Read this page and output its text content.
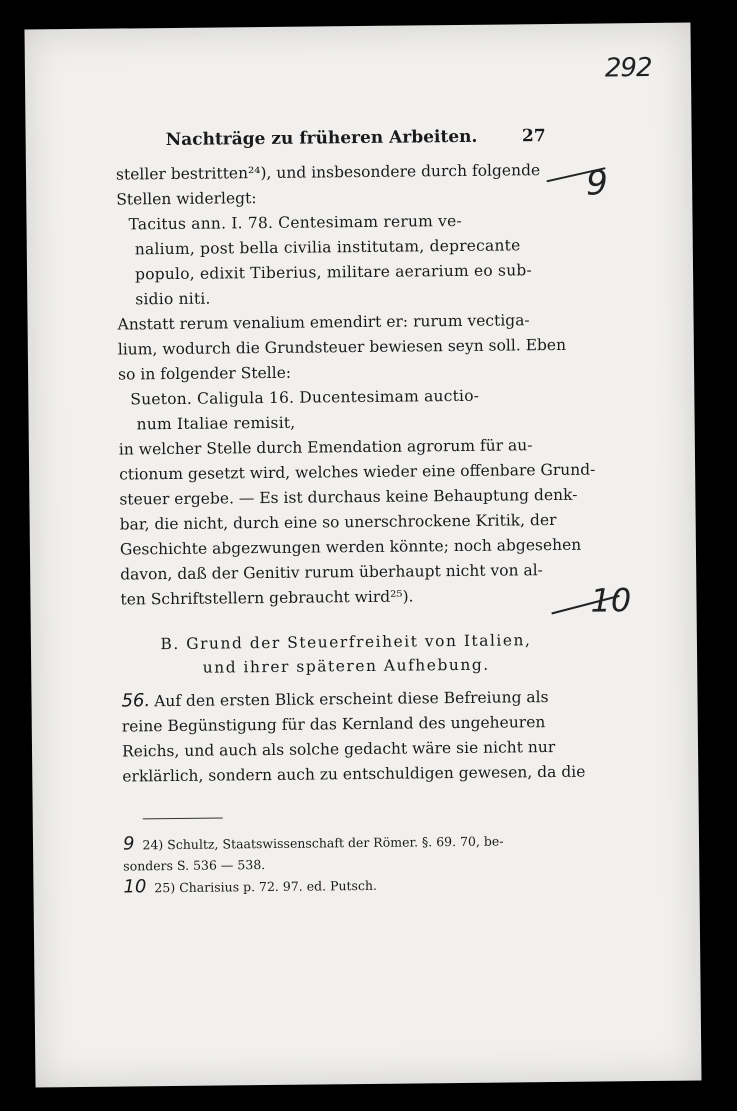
292
9
10
Nachträge zu früheren Arbeiten.	27
steller bestritten²⁴), und insbesondere durch folgende
Stellen widerlegt:
Tacitus ann. I. 78. Centesimam rerum ve-
nalium, post bella civilia institutam, deprecante
populo, edixit Tiberius, militare aerarium eo sub-
sidio niti.
Anstatt rerum venalium emendirt er: rurum vectiga-
lium, wodurch die Grundsteuer bewiesen seyn soll. Eben
so in folgender Stelle:
Sueton. Caligula 16. Ducentesimam auctio-
num Italiae remisit,
in welcher Stelle durch Emendation agrorum für au-
ctionum gesetzt wird, welches wieder eine offenbare Grund-
steuer ergebe. — Es ist durchaus keine Behauptung denk-
bar, die nicht, durch eine so unerschrockene Kritik, der
Geschichte abgezwungen werden könnte; noch abgesehen
davon, daß der Genitiv rurum überhaupt nicht von al-
ten Schriftstellern gebraucht wird²⁵).
B. Grund der Steuerfreiheit von Italien,
und ihrer späteren Aufhebung.
56. Auf den ersten Blick erscheint diese Befreiung als
reine Begünstigung für das Kernland des ungeheuren
Reichs, und auch als solche gedacht wäre sie nicht nur
erklärlich, sondern auch zu entschuldigen gewesen, da die
9 24) Schultz, Staatswissenschaft der Römer. §. 69. 70, be-
sonders S. 536 — 538.
10 25) Charisius p. 72. 97. ed. Putsch.
